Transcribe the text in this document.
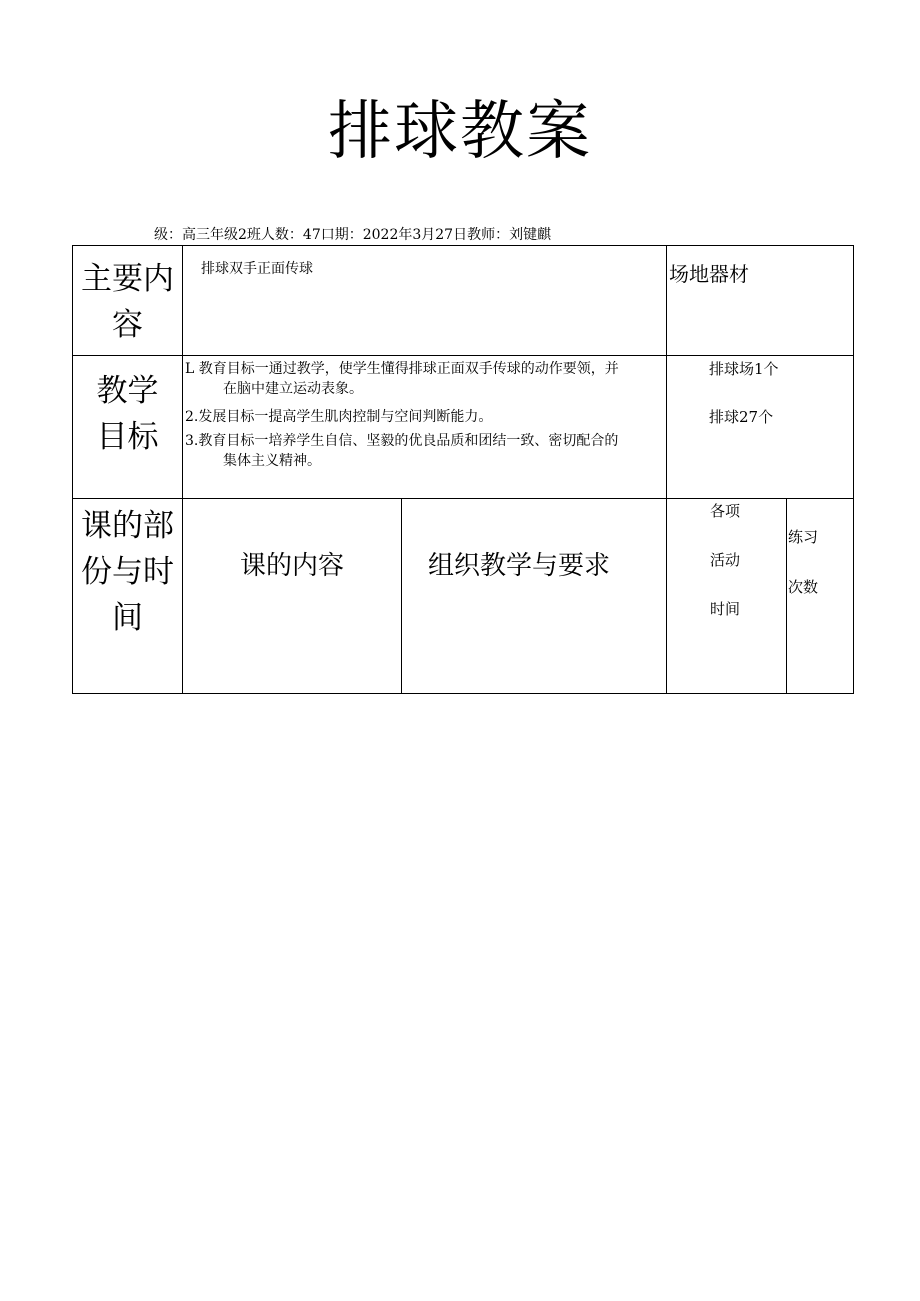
排球教案
级：高三年级2班人数：47口期：2022年3月27日教师：刘键麒
主要内
容
排球双手正面传球	场地器材
教学
目标
L 教育目标一通过教学，使学生懂得排球正面双手传球的动作要领，并
在脑中建立运动表象。
2.发展目标一提高学生肌肉控制与空间判断能力。
3.教育目标一培养学生自信、坚毅的优良品质和团结一致、密切配合的
集体主义精神。
排球场1个
排球27个
课的部
份与时
间
课的内容	组织教学与要求
各项
活动
时间
练习
次数
